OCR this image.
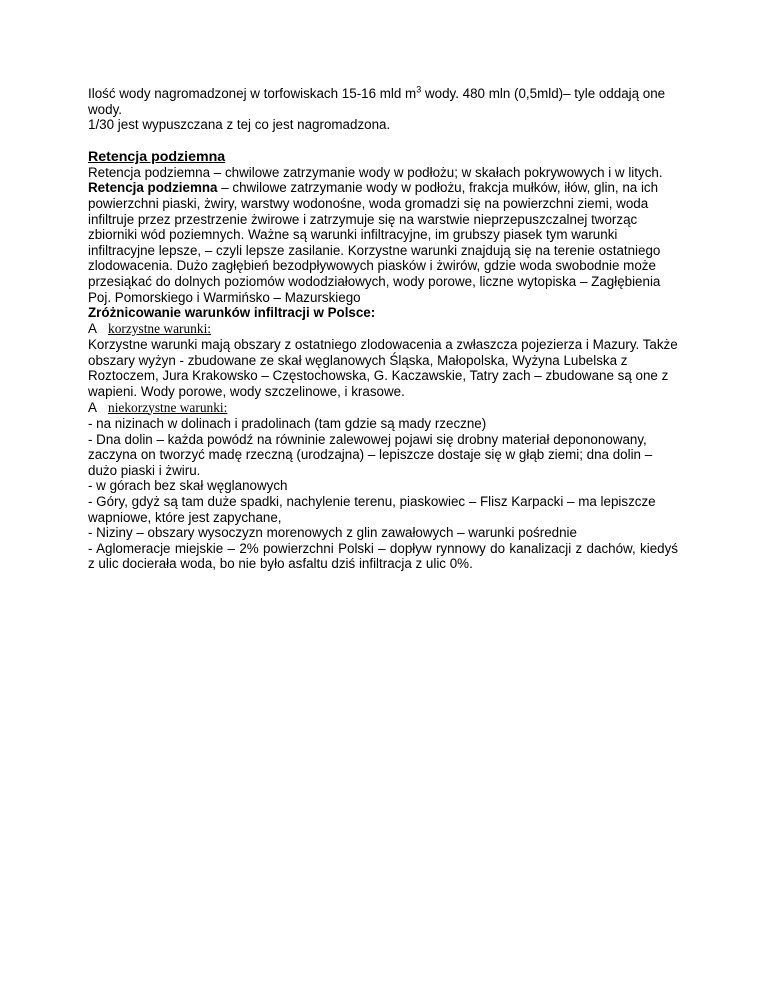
Ilość wody nagromadzonej w torfowiskach 15-16 mld $m^3$ wody. 480 mln (0,5mld)– tyle oddają one wody.

1/30 jest wypuszczana z tej co jest nagromadzona.

Retencja podziemna

Retencja podziemna – chwilowe zatrzymanie wody w podłożu; w skałach pokrywowych i w litych.

Retencja podziemna – chwilowe zatrzymanie wody w podłożu, frakcja mułków, iłów, glin, na ich powierzchni piaski, żwiry, warstwy wodonośne, woda gromadzi się na powierzchni ziemi, woda infiltruje przez przestrzenie żwirowe i zatrzymuje się na warstwie nieprzepuszczalnej tworząc zbiorniki wód poziemnych. Ważne są warunki infiltracyjne, im grubszy piasek tym warunki infiltracyjne lepsze, – czyli lepsze zasilanie. Korzystne warunki znajdują się na terenie ostatniego zlodowacenia. Dużo zagłębień bezodpływowych piasków i żwirów, gdzie woda swobodnie może przesiąkać do dolnych poziomów wododziałowych, wody porowe, liczne wytopiska – Zagłębienia Poj. Pomorskiego i Warmińsko – Mazurskiego

Zróżnicowanie warunków infiltracji w Polsce:

A korzystne warunki:

Korzystne warunki mają obszary z ostatniego zlodowacenia a zwłaszcza pojezierza i Mazury. Także obszary wyżyn - zbudowane ze skał węglanowych Śląska, Małopolska, Wyżyna Lubelska z Roztoczem, Jura Krakowsko – Częstochowska, G. Kaczawskie, Tatry zach – zbudowane są one z wapieni. Wody porowe, wody szczelinowe, i krasowe.

A niekorzystne warunki:

- na nizinach w dolinach i pradolinach (tam gdzie są mady rzeczne)

- Dna dolin – każda powódź na równinie zalewowej pojawi się drobny materiał depononowany, zaczyna on tworzyć madę rzeczną (urodzajna) – lepiszcze dostaje się w głąb ziemi; dna dolin – dużo piaski i żwiru.

- w górach bez skał węglanowych

- Góry, gdyż są tam duże spadki, nachylenie terenu, piaskowiec – Flisz Karpacki – ma lepiszcze wapniowe, które jest zapychane,

- Niziny – obszary wysoczyzn morenowych z glin zawałowych – warunki pośrednie

- Aglomeracje miejskie – 2% powierzchni Polski – dopływ rynnowy do kanalizacji z dachów, kiedyś z ulic docierała woda, bo nie było asfaltu dziś infiltracja z ulic 0%.
